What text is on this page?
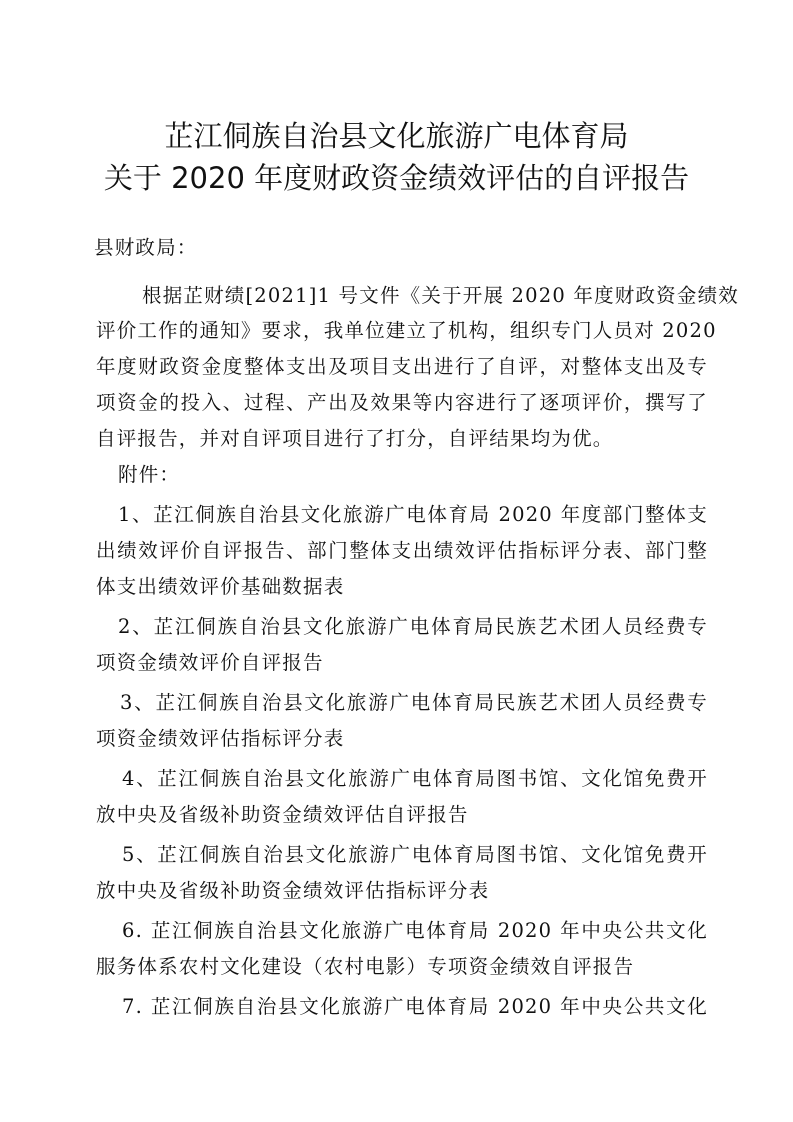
芷江侗族自治县文化旅游广电体育局
关于 2020 年度财政资金绩效评估的自评报告
县财政局：
根据芷财绩[2021]1 号文件《关于开展 2020 年度财政资金绩效
评价工作的通知》要求，我单位建立了机构，组织专门人员对 2020
年度财政资金度整体支出及项目支出进行了自评，对整体支出及专
项资金的投入、过程、产出及效果等内容进行了逐项评价，撰写了
自评报告，并对自评项目进行了打分，自评结果均为优。
附件：
1、芷江侗族自治县文化旅游广电体育局 2020 年度部门整体支
出绩效评价自评报告、部门整体支出绩效评估指标评分表、部门整
体支出绩效评价基础数据表
2、芷江侗族自治县文化旅游广电体育局民族艺术团人员经费专
项资金绩效评价自评报告
3、芷江侗族自治县文化旅游广电体育局民族艺术团人员经费专
项资金绩效评估指标评分表
4、芷江侗族自治县文化旅游广电体育局图书馆、文化馆免费开
放中央及省级补助资金绩效评估自评报告
5、芷江侗族自治县文化旅游广电体育局图书馆、文化馆免费开
放中央及省级补助资金绩效评估指标评分表
6. 芷江侗族自治县文化旅游广电体育局 2020 年中央公共文化
服务体系农村文化建设（农村电影）专项资金绩效自评报告
7. 芷江侗族自治县文化旅游广电体育局 2020 年中央公共文化
